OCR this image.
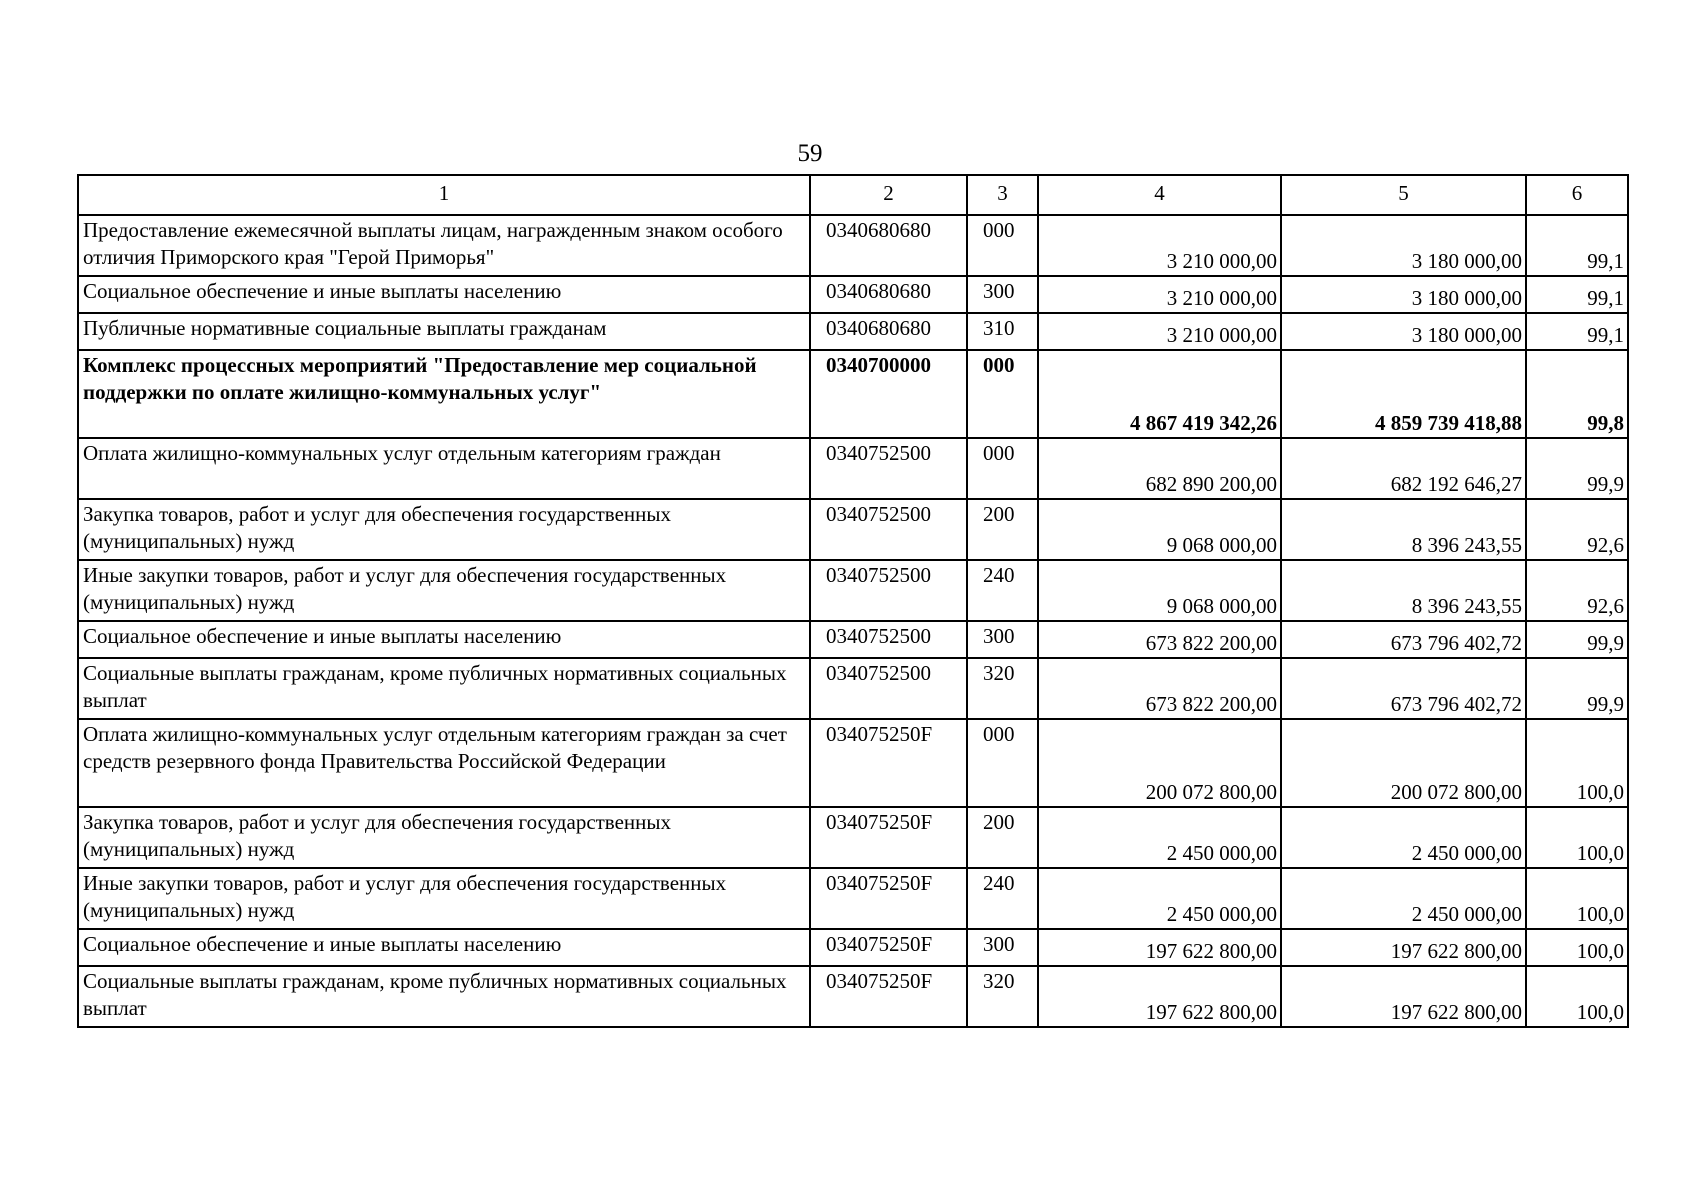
59
1	2	3	4	5	6
Предоставление ежемесячной выплаты лицам, награжденным знаком особого отличия Приморского края "Герой Приморья"	0340680680	000	3 210 000,00	3 180 000,00	99,1
Социальное обеспечение и иные выплаты населению	0340680680	300	3 210 000,00	3 180 000,00	99,1
Публичные нормативные социальные выплаты гражданам	0340680680	310	3 210 000,00	3 180 000,00	99,1
Комплекс процессных мероприятий "Предоставление мер социальной поддержки по оплате жилищно-коммунальных услуг"	0340700000	000	4 867 419 342,26	4 859 739 418,88	99,8
Оплата жилищно-коммунальных услуг отдельным категориям граждан	0340752500	000	682 890 200,00	682 192 646,27	99,9
Закупка товаров, работ и услуг для обеспечения государственных (муниципальных) нужд	0340752500	200	9 068 000,00	8 396 243,55	92,6
Иные закупки товаров, работ и услуг для обеспечения государственных (муниципальных) нужд	0340752500	240	9 068 000,00	8 396 243,55	92,6
Социальное обеспечение и иные выплаты населению	0340752500	300	673 822 200,00	673 796 402,72	99,9
Социальные выплаты гражданам, кроме публичных нормативных социальных выплат	0340752500	320	673 822 200,00	673 796 402,72	99,9
Оплата жилищно-коммунальных услуг отдельным категориям граждан за счет средств резервного фонда Правительства Российской Федерации	034075250F	000	200 072 800,00	200 072 800,00	100,0
Закупка товаров, работ и услуг для обеспечения государственных (муниципальных) нужд	034075250F	200	2 450 000,00	2 450 000,00	100,0
Иные закупки товаров, работ и услуг для обеспечения государственных (муниципальных) нужд	034075250F	240	2 450 000,00	2 450 000,00	100,0
Социальное обеспечение и иные выплаты населению	034075250F	300	197 622 800,00	197 622 800,00	100,0
Социальные выплаты гражданам, кроме публичных нормативных социальных выплат	034075250F	320	197 622 800,00	197 622 800,00	100,0
